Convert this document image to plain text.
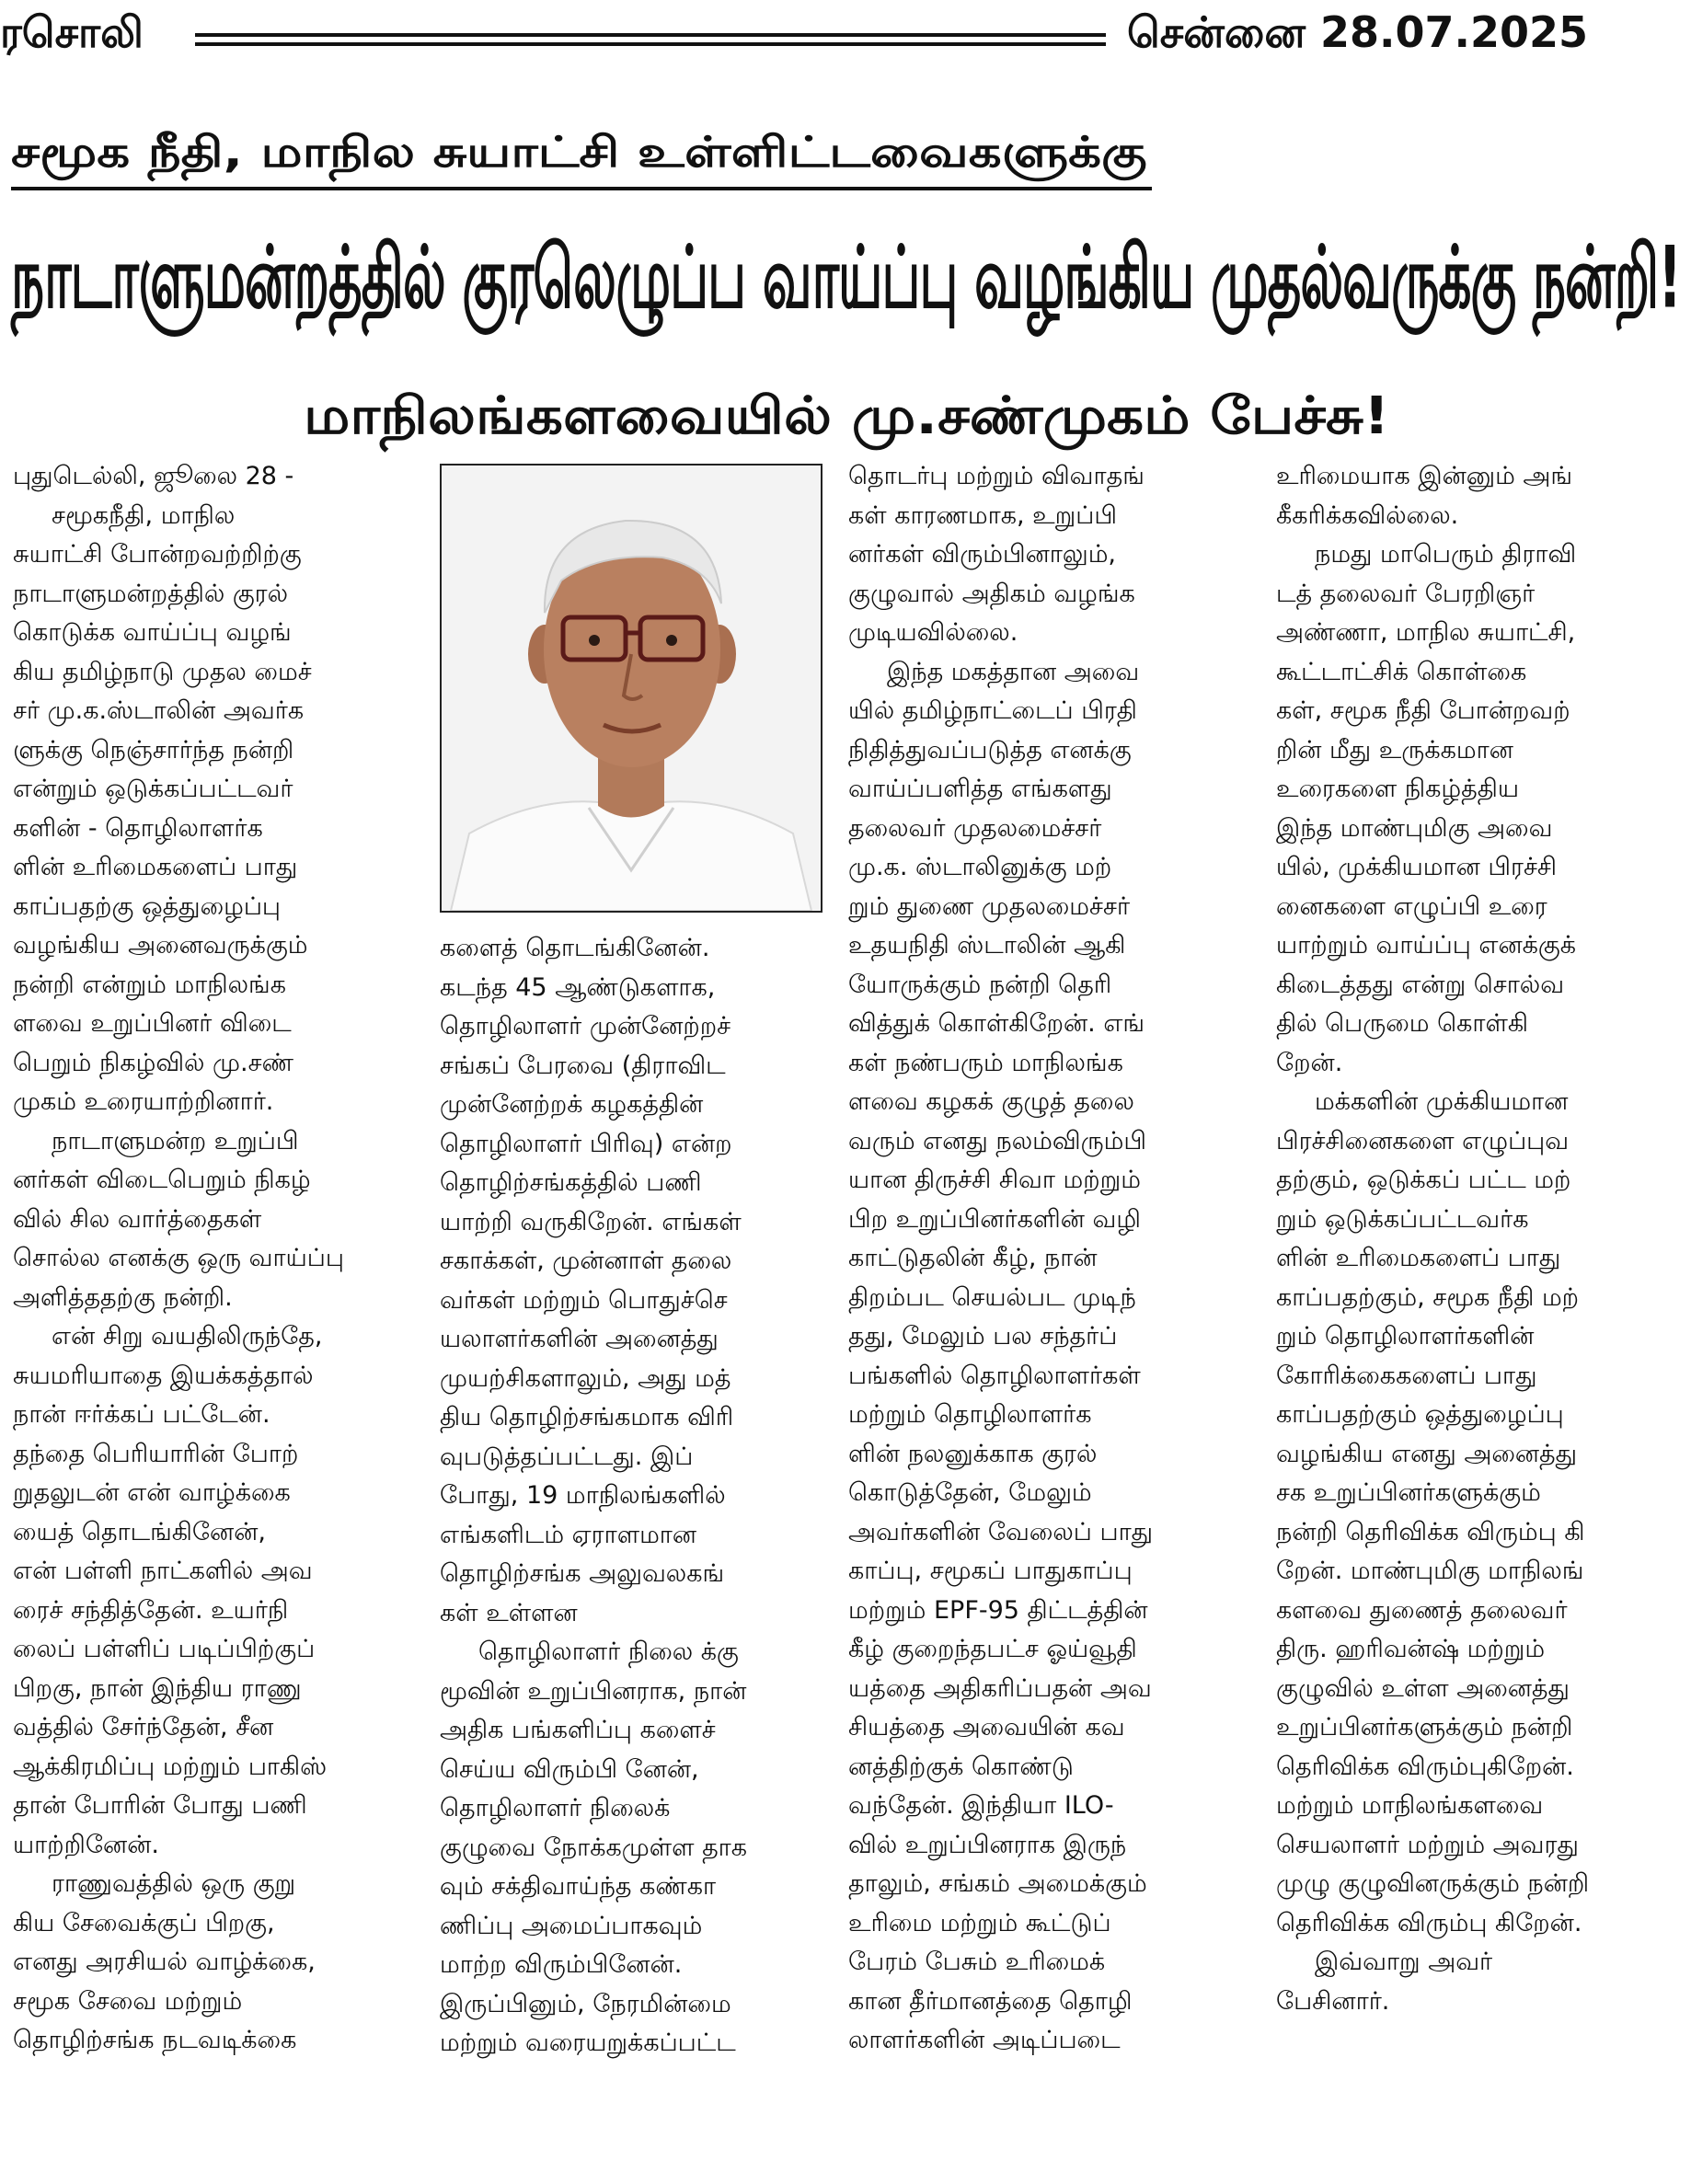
ரசொலி	சென்னை 28.07.2025
சமூக நீதி, மாநில சுயாட்சி உள்ளிட்டவைகளுக்கு
நாடாளுமன்றத்தில் குரலெழுப்ப வாய்ப்பு வழங்கிய முதல்வருக்கு நன்றி!
மாநிலங்களவையில் மு.சண்முகம் பேச்சு!
புதுடெல்லி, ஜூலை 28 -
சமூகநீதி, மாநில
சுயாட்சி போன்றவற்றிற்கு
நாடாளுமன்றத்தில் குரல்
கொடுக்க வாய்ப்பு வழங்
கிய தமிழ்நாடு முதல மைச்
சர் மு.க.ஸ்டாலின் அவர்க
ளுக்கு நெஞ்சார்ந்த நன்றி
என்றும் ஒடுக்கப்பட்டவர்
களின் - தொழிலாளர்க
ளின் உரிமைகளைப் பாது
காப்பதற்கு ஒத்துழைப்பு
வழங்கிய அனைவருக்கும்
நன்றி என்றும் மாநிலங்க
ளவை உறுப்பினர் விடை
பெறும் நிகழ்வில் மு.சண்
முகம் உரையாற்றினார்.
நாடாளுமன்ற உறுப்பி
னர்கள் விடைபெறும் நிகழ்
வில் சில வார்த்தைகள்
சொல்ல எனக்கு ஒரு வாய்ப்பு
அளித்ததற்கு நன்றி.
என் சிறு வயதிலிருந்தே,
சுயமரியாதை இயக்கத்தால்
நான் ஈர்க்கப் பட்டேன்.
தந்தை பெரியாரின் போற்
றுதலுடன் என் வாழ்க்கை
யைத் தொடங்கினேன்,
என் பள்ளி நாட்களில் அவ
ரைச் சந்தித்தேன். உயர்நி
லைப் பள்ளிப் படிப்பிற்குப்
பிறகு, நான் இந்திய ராணு
வத்தில் சேர்ந்தேன், சீன
ஆக்கிரமிப்பு மற்றும் பாகிஸ்
தான் போரின் போது பணி
யாற்றினேன்.
ராணுவத்தில் ஒரு குறு
கிய சேவைக்குப் பிறகு,
எனது அரசியல் வாழ்க்கை,
சமூக சேவை மற்றும்
தொழிற்சங்க நடவடிக்கை
களைத் தொடங்கினேன்.
கடந்த 45 ஆண்டுகளாக,
தொழிலாளர் முன்னேற்றச்
சங்கப் பேரவை (திராவிட
முன்னேற்றக் கழகத்தின்
தொழிலாளர் பிரிவு) என்ற
தொழிற்சங்கத்தில் பணி
யாற்றி வருகிறேன். எங்கள்
சகாக்கள், முன்னாள் தலை
வர்கள் மற்றும் பொதுச்செ
யலாளர்களின் அனைத்து
முயற்சிகளாலும், அது மத்
திய தொழிற்சங்கமாக விரி
வுபடுத்தப்பட்டது. இப்
போது, 19 மாநிலங்களில்
எங்களிடம் ஏராளமான
தொழிற்சங்க அலுவலகங்
கள் உள்ளன
தொழிலாளர் நிலை க்கு
மூவின் உறுப்பினராக, நான்
அதிக பங்களிப்பு களைச்
செய்ய விரும்பி னேன்,
தொழிலாளர் நிலைக்
குழுவை நோக்கமுள்ள தாக
வும் சக்திவாய்ந்த கண்கா
ணிப்பு அமைப்பாகவும்
மாற்ற விரும்பினேன்.
இருப்பினும், நேரமின்மை
மற்றும் வரையறுக்கப்பட்ட
தொடர்பு மற்றும் விவாதங்
கள் காரணமாக, உறுப்பி
னர்கள் விரும்பினாலும்,
குழுவால் அதிகம் வழங்க
முடியவில்லை.
இந்த மகத்தான அவை
யில் தமிழ்நாட்டைப் பிரதி
நிதித்துவப்படுத்த எனக்கு
வாய்ப்பளித்த எங்களது
தலைவர் முதலமைச்சர்
மு.க. ஸ்டாலினுக்கு மற்
றும் துணை முதலமைச்சர்
உதயநிதி ஸ்டாலின் ஆகி
யோருக்கும் நன்றி தெரி
வித்துக் கொள்கிறேன். எங்
கள் நண்பரும் மாநிலங்க
ளவை கழகக் குழுத் தலை
வரும் எனது நலம்விரும்பி
யான திருச்சி சிவா மற்றும்
பிற உறுப்பினர்களின் வழி
காட்டுதலின் கீழ், நான்
திறம்பட செயல்பட முடிந்
தது, மேலும் பல சந்தர்ப்
பங்களில் தொழிலாளர்கள்
மற்றும் தொழிலாளர்க
ளின் நலனுக்காக குரல்
கொடுத்தேன், மேலும்
அவர்களின் வேலைப் பாது
காப்பு, சமூகப் பாதுகாப்பு
மற்றும் EPF-95 திட்டத்தின்
கீழ் குறைந்தபட்ச ஓய்வூதி
யத்தை அதிகரிப்பதன் அவ
சியத்தை அவையின் கவ
னத்திற்குக் கொண்டு
வந்தேன். இந்தியா ILO-
வில் உறுப்பினராக இருந்
தாலும், சங்கம் அமைக்கும்
உரிமை மற்றும் கூட்டுப்
பேரம் பேசும் உரிமைக்
கான தீர்மானத்தை தொழி
லாளர்களின் அடிப்படை
உரிமையாக இன்னும் அங்
கீகரிக்கவில்லை.
நமது மாபெரும் திராவி
டத் தலைவர் பேரறிஞர்
அண்ணா, மாநில சுயாட்சி,
கூட்டாட்சிக் கொள்கை
கள், சமூக நீதி போன்றவற்
றின் மீது உருக்கமான
உரைகளை நிகழ்த்திய
இந்த மாண்புமிகு அவை
யில், முக்கியமான பிரச்சி
னைகளை எழுப்பி உரை
யாற்றும் வாய்ப்பு எனக்குக்
கிடைத்தது என்று சொல்வ
தில் பெருமை கொள்கி
றேன்.
மக்களின் முக்கியமான
பிரச்சினைகளை எழுப்புவ
தற்கும், ஒடுக்கப் பட்ட மற்
றும் ஒடுக்கப்பட்டவர்க
ளின் உரிமைகளைப் பாது
காப்பதற்கும், சமூக நீதி மற்
றும் தொழிலாளர்களின்
கோரிக்கைகளைப் பாது
காப்பதற்கும் ஒத்துழைப்பு
வழங்கிய எனது அனைத்து
சக உறுப்பினர்களுக்கும்
நன்றி தெரிவிக்க விரும்பு கி
றேன். மாண்புமிகு மாநிலங்
களவை துணைத் தலைவர்
திரு. ஹரிவன்ஷ் மற்றும்
குழுவில் உள்ள அனைத்து
உறுப்பினர்களுக்கும் நன்றி
தெரிவிக்க விரும்புகிறேன்.
மற்றும் மாநிலங்களவை
செயலாளர் மற்றும் அவரது
முழு குழுவினருக்கும் நன்றி
தெரிவிக்க விரும்பு கிறேன்.
இவ்வாறு அவர்
பேசினார்.
